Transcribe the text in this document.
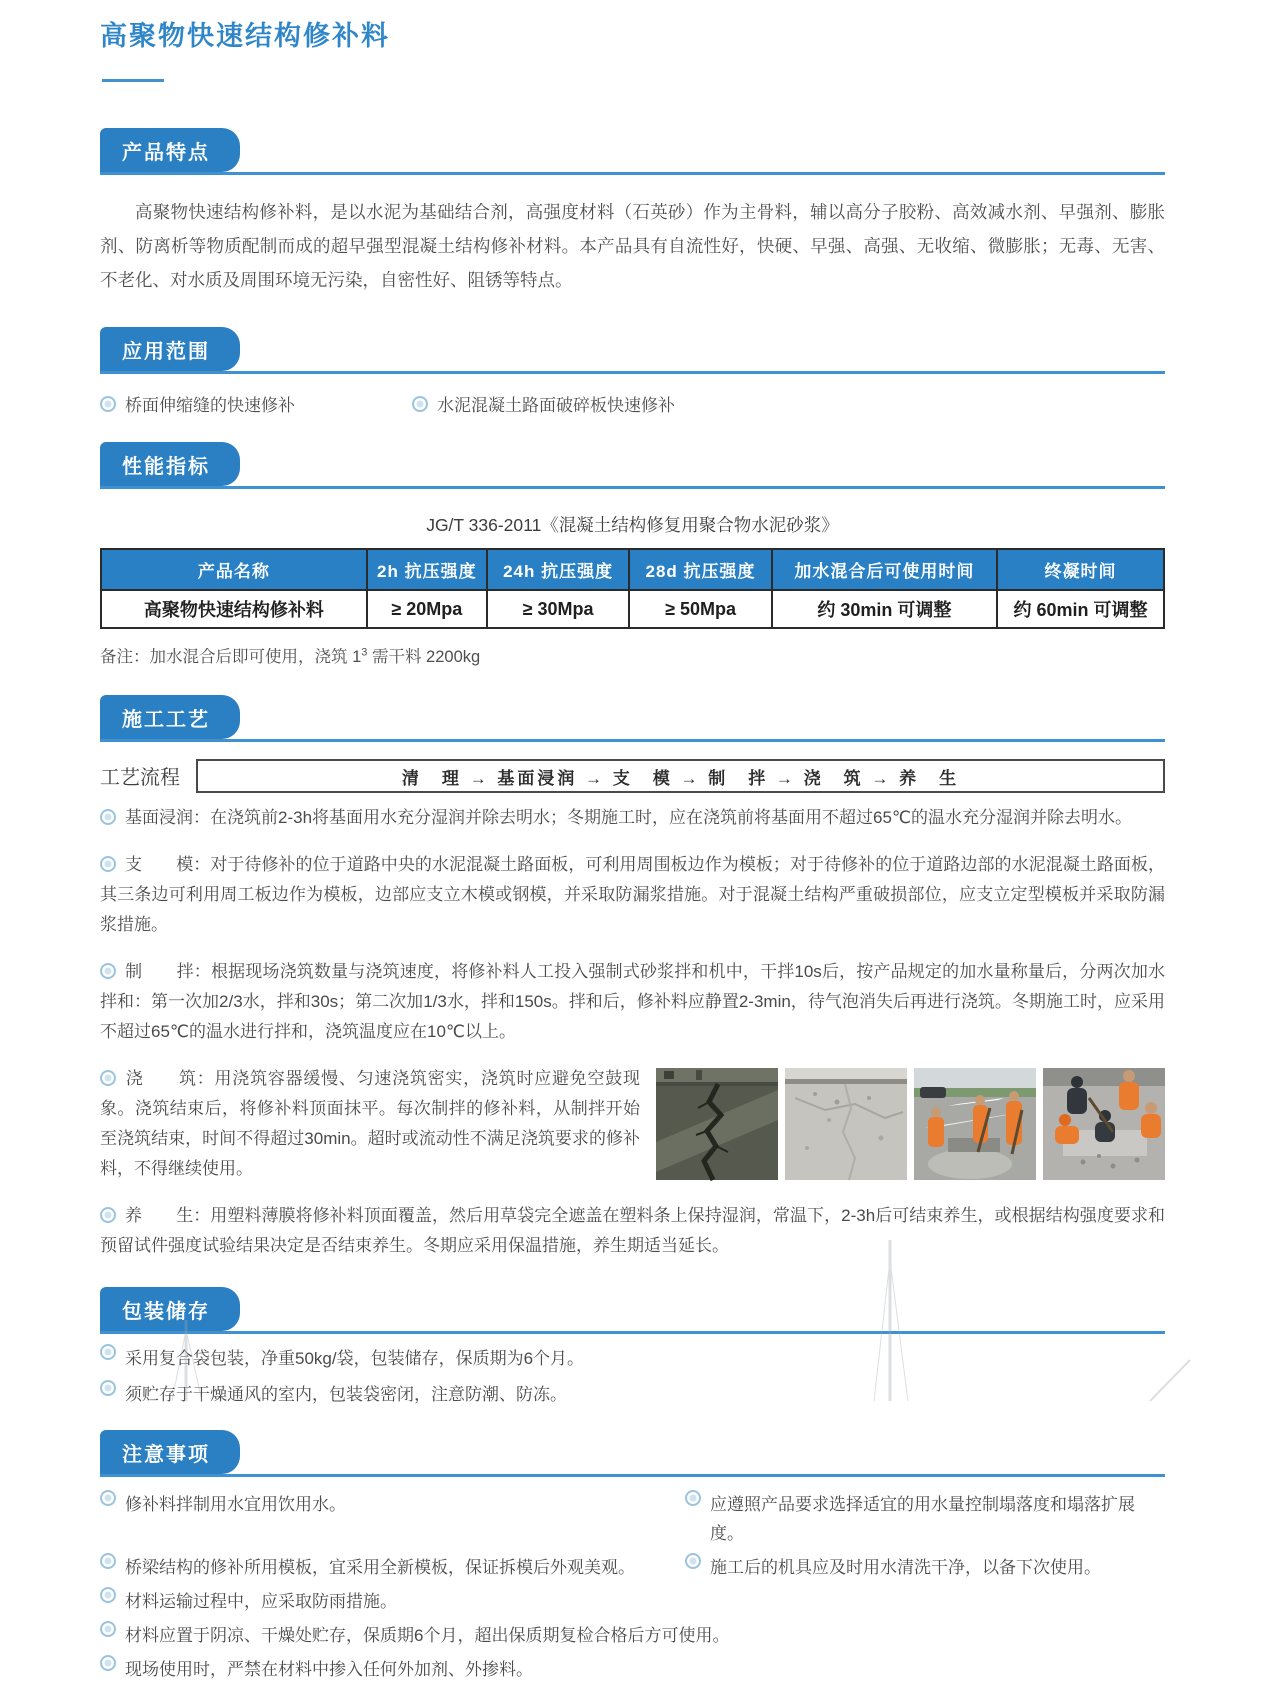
高聚物快速结构修补料
产品特点

高聚物快速结构修补料，是以水泥为基础结合剂，高强度材料（石英砂）作为主骨料，辅以高分子胶粉、高效减水剂、早强剂、膨胀剂、防离析等物质配制而成的超早强型混凝土结构修补材料。本产品具有自流性好，快硬、早强、高强、无收缩、微膨胀；无毒、无害、不老化、对水质及周围环境无污染，自密性好、阻锈等特点。

应用范围
桥面伸缩缝的快速修补	水泥混凝土路面破碎板快速修补
性能指标
JG/T 336-2011《混凝土结构修复用聚合物水泥砂浆》
产品名称	2h 抗压强度	24h 抗压强度	28d 抗压强度	加水混合后可使用时间	终凝时间
高聚物快速结构修补料	≥ 20Mpa	≥ 30Mpa	≥ 50Mpa	约 30min 可调整	约 60min 可调整
备注：加水混合后即可使用，浇筑 $1^3$ 需干料 2200kg
施工工艺
工艺流程	清　理 → 基面浸润 → 支　模 → 制　拌 → 浇　筑 → 养　生

基面浸润：在浇筑前2-3h将基面用水充分湿润并除去明水；冬期施工时，应在浇筑前将基面用不超过65℃的温水充分湿润并除去明水。

支　　模：对于待修补的位于道路中央的水泥混凝土路面板，可利用周围板边作为模板；对于待修补的位于道路边部的水泥混凝土路面板，其三条边可利用周工板边作为模板，边部应支立木模或钢模，并采取防漏浆措施。对于混凝土结构严重破损部位，应支立定型模板并采取防漏浆措施。

制　　拌：根据现场浇筑数量与浇筑速度，将修补料人工投入强制式砂浆拌和机中，干拌10s后，按产品规定的加水量称量后，分两次加水拌和：第一次加2/3水，拌和30s；第二次加1/3水，拌和150s。拌和后，修补料应静置2-3min，待气泡消失后再进行浇筑。冬期施工时，应采用不超过65℃的温水进行拌和，浇筑温度应在10℃以上。

浇　　筑：用浇筑容器缓慢、匀速浇筑密实，浇筑时应避免空鼓现象。浇筑结束后，将修补料顶面抹平。每次制拌的修补料，从制拌开始至浇筑结束，时间不得超过30min。超时或流动性不满足浇筑要求的修补料，不得继续使用。

养　　生：用塑料薄膜将修补料顶面覆盖，然后用草袋完全遮盖在塑料条上保持湿润，常温下，2-3h后可结束养生，或根据结构强度要求和预留试件强度试验结果决定是否结束养生。冬期应采用保温措施，养生期适当延长。

包装储存
采用复合袋包装，净重50kg/袋，包装储存，保质期为6个月。
须贮存于干燥通风的室内，包装袋密闭，注意防潮、防冻。
注意事项
修补料拌制用水宜用饮用水。	应遵照产品要求选择适宜的用水量控制塌落度和塌落扩展度。
桥梁结构的修补所用模板，宜采用全新模板，保证拆模后外观美观。	施工后的机具应及时用水清洗干净，以备下次使用。
材料运输过程中，应采取防雨措施。
材料应置于阴凉、干燥处贮存，保质期6个月，超出保质期复检合格后方可使用。
现场使用时，严禁在材料中掺入任何外加剂、外掺料。
